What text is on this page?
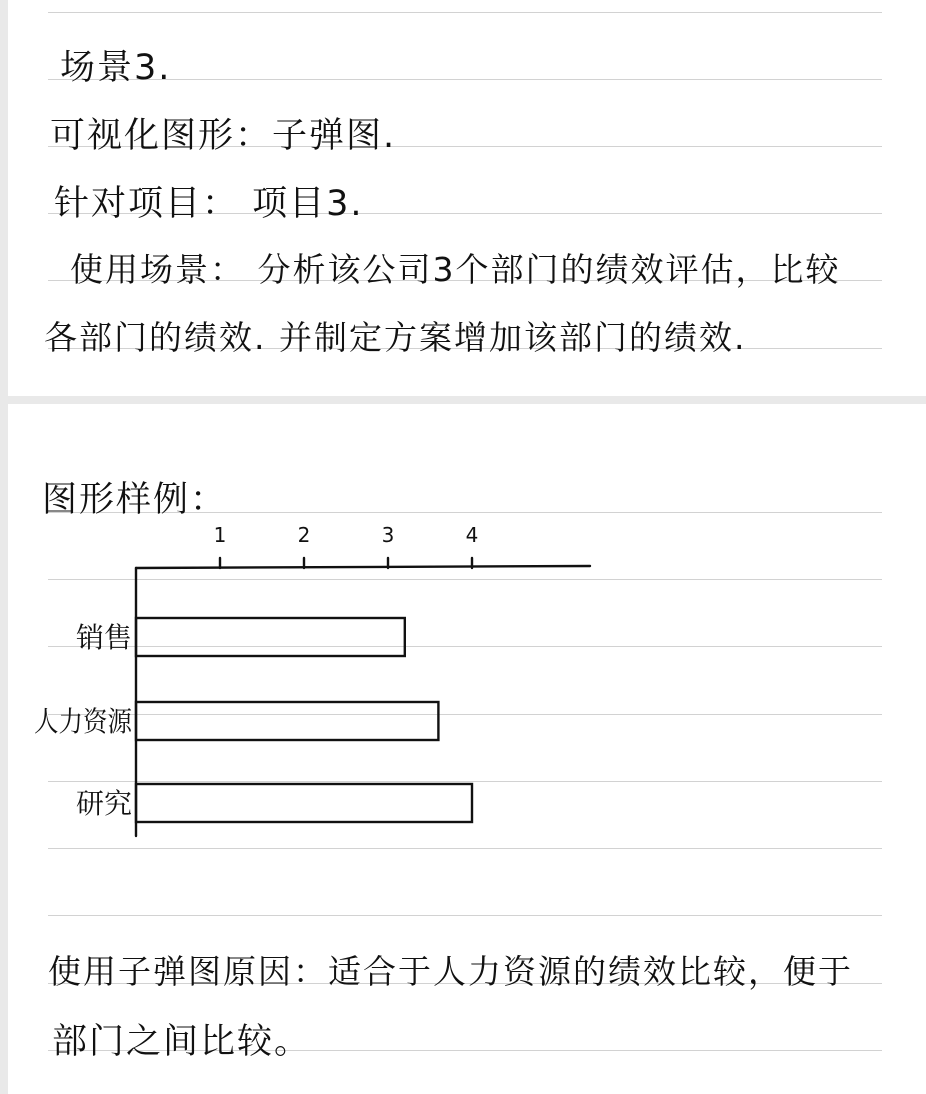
场景3.
可视化图形：子弹图.
针对项目： 项目3.
使用场景： 分析该公司3个部门的绩效评估，比较
各部门的绩效. 并制定方案增加该部门的绩效.
图形样例：
1	2	3	4
销售
人力资源
研究
使用子弹图原因：适合于人力资源的绩效比较，便于
部门之间比较。
